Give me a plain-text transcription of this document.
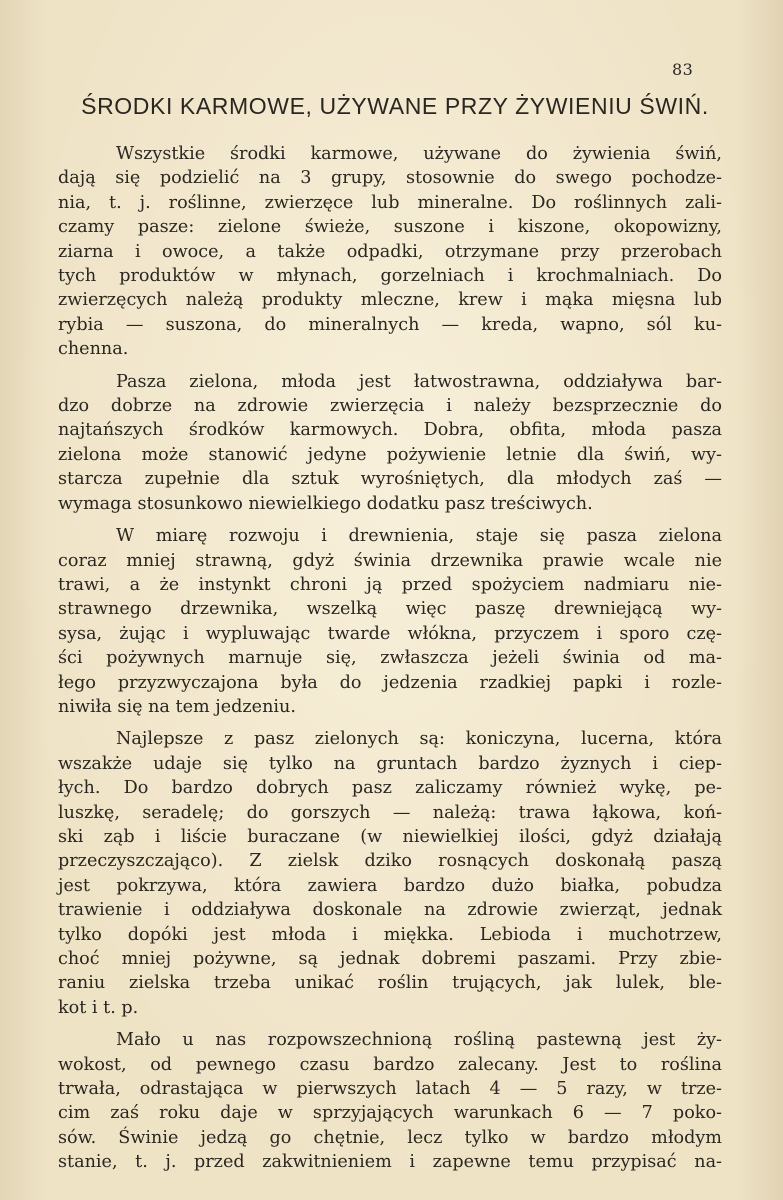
83
ŚRODKI KARMOWE, UŻYWANE PRZY ŻYWIENIU ŚWIŃ.

Wszystkie środki karmowe, używane do żywienia świń,
dają się podzielić na 3 grupy, stosownie do swego pochodze-
nia, t. j. roślinne, zwierzęce lub mineralne. Do roślinnych zali-
czamy pasze: zielone świeże, suszone i kiszone, okopowizny,
ziarna i owoce, a także odpadki, otrzymane przy przerobach
tych produktów w młynach, gorzelniach i krochmalniach. Do
zwierzęcych należą produkty mleczne, krew i mąka mięsna lub
rybia — suszona, do mineralnych — kreda, wapno, sól ku-
chenna.

Pasza zielona, młoda jest łatwostrawna, oddziaływa bar-
dzo dobrze na zdrowie zwierzęcia i należy bezsprzecznie do
najtańszych środków karmowych. Dobra, obfita, młoda pasza
zielona może stanowić jedyne pożywienie letnie dla świń, wy-
starcza zupełnie dla sztuk wyrośniętych, dla młodych zaś —
wymaga stosunkowo niewielkiego dodatku pasz treściwych.

W miarę rozwoju i drewnienia, staje się pasza zielona
coraz mniej strawną, gdyż świnia drzewnika prawie wcale nie
trawi, a że instynkt chroni ją przed spożyciem nadmiaru nie-
strawnego drzewnika, wszelką więc paszę drewniejącą wy-
sysa, żując i wypluwając twarde włókna, przyczem i sporo czę-
ści pożywnych marnuje się, zwłaszcza jeżeli świnia od ma-
łego przyzwyczajona była do jedzenia rzadkiej papki i rozle-
niwiła się na tem jedzeniu.

Najlepsze z pasz zielonych są: koniczyna, lucerna, która
wszakże udaje się tylko na gruntach bardzo żyznych i ciep-
łych. Do bardzo dobrych pasz zaliczamy również wykę, pe-
luszkę, seradelę; do gorszych — należą: trawa łąkowa, koń-
ski ząb i liście buraczane (w niewielkiej ilości, gdyż działają
przeczyszczająco). Z zielsk dziko rosnących doskonałą paszą
jest pokrzywa, która zawiera bardzo dużo białka, pobudza
trawienie i oddziaływa doskonale na zdrowie zwierząt, jednak
tylko dopóki jest młoda i miękka. Lebioda i muchotrzew,
choć mniej pożywne, są jednak dobremi paszami. Przy zbie-
raniu zielska trzeba unikać roślin trujących, jak lulek, ble-
kot i t. p.

Mało u nas rozpowszechnioną rośliną pastewną jest ży-
wokost, od pewnego czasu bardzo zalecany. Jest to roślina
trwała, odrastająca w pierwszych latach 4 — 5 razy, w trze-
cim zaś roku daje w sprzyjających warunkach 6 — 7 poko-
sów. Świnie jedzą go chętnie, lecz tylko w bardzo młodym
stanie, t. j. przed zakwitnieniem i zapewne temu przypisać na-
